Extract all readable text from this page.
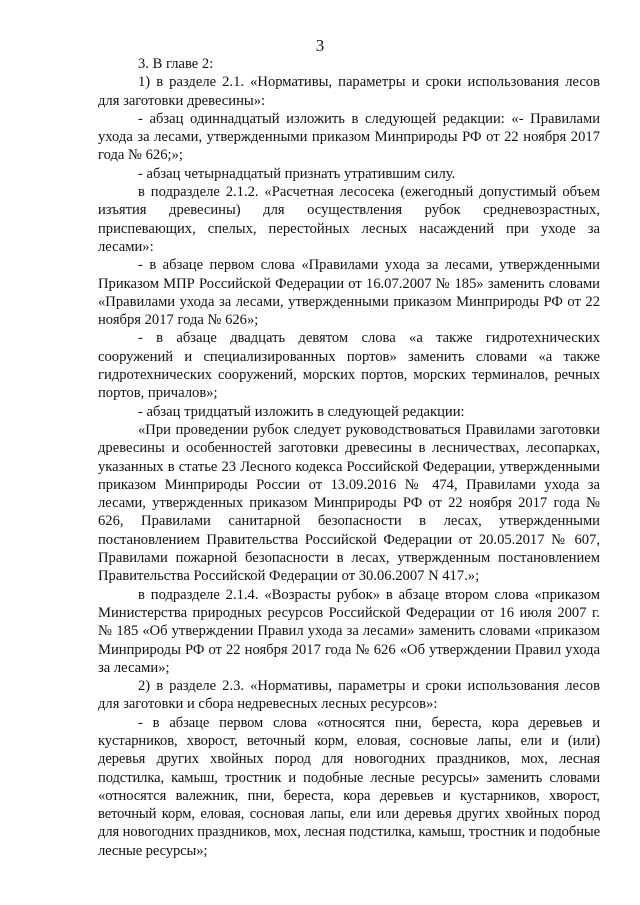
3

3. В главе 2:

1) в разделе 2.1. «Нормативы, параметры и сроки использования лесов для заготовки древесины»:

- абзац одиннадцатый изложить в следующей редакции: «- Правилами ухода за лесами, утвержденными приказом Минприроды РФ от 22 ноября 2017 года № 626;»;

- абзац четырнадцатый признать утратившим силу.

в подразделе 2.1.2. «Расчетная лесосека (ежегодный допустимый объем изъятия древесины) для осуществления рубок средневозрастных, приспевающих, спелых, перестойных лесных насаждений при уходе за лесами»:

- в абзаце первом слова «Правилами ухода за лесами, утвержденными Приказом МПР Российской Федерации от 16.07.2007 № 185» заменить словами «Правилами ухода за лесами, утвержденными приказом Минприроды РФ от 22 ноября 2017 года № 626»;

- в абзаце двадцать девятом слова «а также гидротехнических сооружений и специализированных портов» заменить словами «а также гидротехнических сооружений, морских портов, морских терминалов, речных портов, причалов»;

- абзац тридцатый изложить в следующей редакции:

«При проведении рубок следует руководствоваться Правилами заготовки древесины и особенностей заготовки древесины в лесничествах, лесопарках, указанных в статье 23 Лесного кодекса Российской Федерации, утвержденными приказом Минприроды России от 13.09.2016 № 474, Правилами ухода за лесами, утвержденных приказом Минприроды РФ от 22 ноября 2017 года № 626, Правилами санитарной безопасности в лесах, утвержденными постановлением Правительства Российской Федерации от 20.05.2017 № 607, Правилами пожарной безопасности в лесах, утвержденным постановлением Правительства Российской Федерации от 30.06.2007 N 417.»;

в подразделе 2.1.4. «Возрасты рубок» в абзаце втором слова «приказом Министерства природных ресурсов Российской Федерации от 16 июля 2007 г. № 185 «Об утверждении Правил ухода за лесами» заменить словами «приказом Минприроды РФ от 22 ноября 2017 года № 626 «Об утверждении Правил ухода за лесами»;

2) в разделе 2.3. «Нормативы, параметры и сроки использования лесов для заготовки и сбора недревесных лесных ресурсов»:

- в абзаце первом слова «относятся пни, береста, кора деревьев и кустарников, хворост, веточный корм, еловая, сосновые лапы, ели и (или) деревья других хвойных пород для новогодних праздников, мох, лесная подстилка, камыш, тростник и подобные лесные ресурсы» заменить словами «относятся валежник, пни, береста, кора деревьев и кустарников, хворост, веточный корм, еловая, сосновая лапы, ели или деревья других хвойных пород для новогодних праздников, мох, лесная подстилка, камыш, тростник и подобные лесные ресурсы»;
